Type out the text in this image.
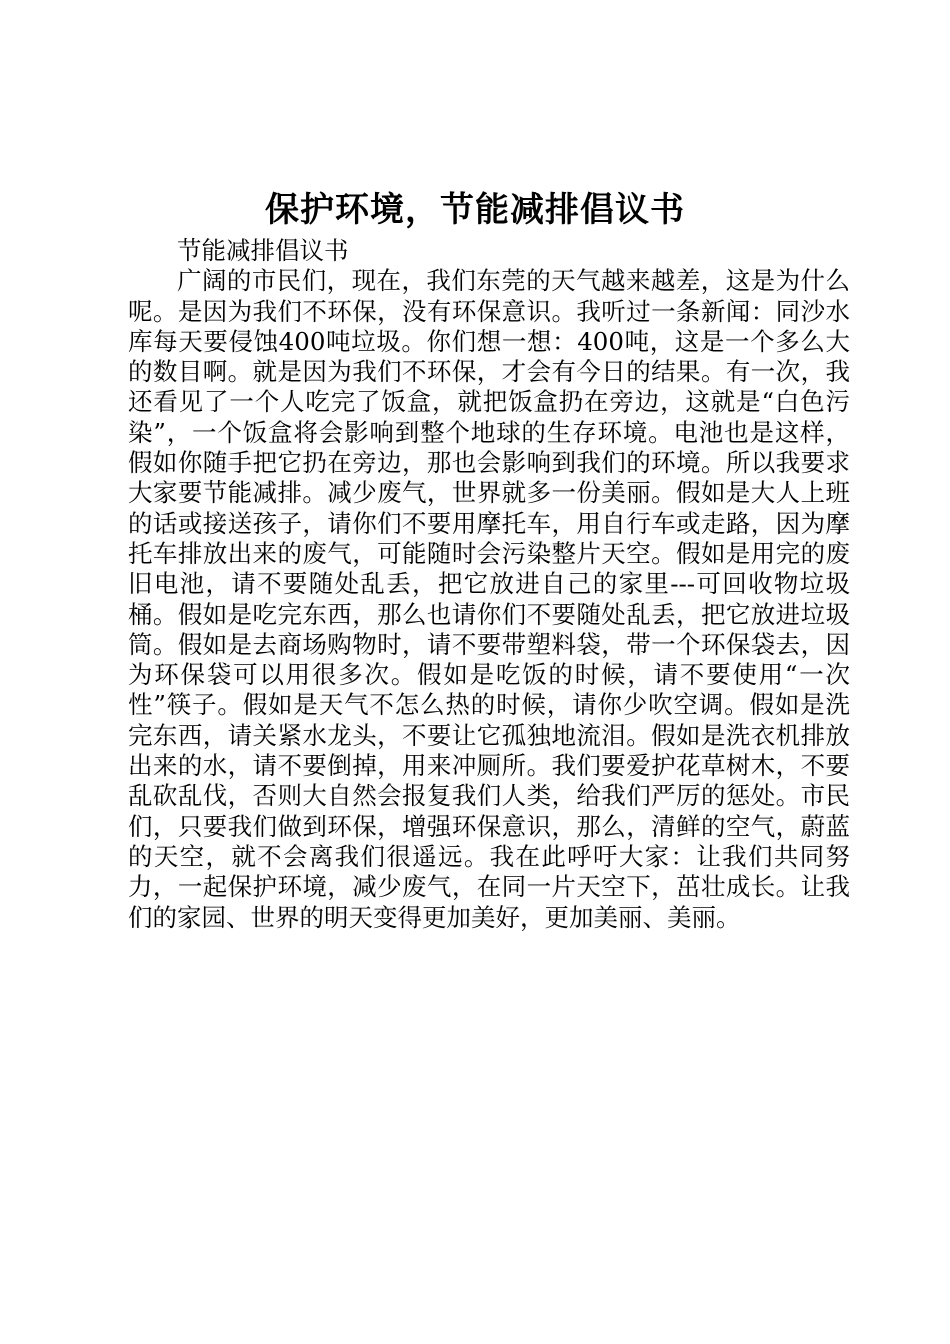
保护环境，节能减排倡议书

节能减排倡议书

广阔的市民们，现在，我们东莞的天气越来越差，这是为什么呢。是因为我们不环保，没有环保意识。我听过一条新闻：同沙水库每天要侵蚀400吨垃圾。你们想一想：400吨，这是一个多么大的数目啊。就是因为我们不环保，才会有今日的结果。有一次，我还看见了一个人吃完了饭盒，就把饭盒扔在旁边，这就是“白色污染”，一个饭盒将会影响到整个地球的生存环境。电池也是这样，假如你随手把它扔在旁边，那也会影响到我们的环境。所以我要求大家要节能减排。减少废气，世界就多一份美丽。假如是大人上班的话或接送孩子，请你们不要用摩托车，用自行车或走路，因为摩托车排放出来的废气，可能随时会污染整片天空。假如是用完的废旧电池，请不要随处乱丢，把它放进自己的家里---可回收物垃圾桶。假如是吃完东西，那么也请你们不要随处乱丢，把它放进垃圾筒。假如是去商场购物时，请不要带塑料袋，带一个环保袋去，因为环保袋可以用很多次。假如是吃饭的时候，请不要使用“一次性”筷子。假如是天气不怎么热的时候，请你少吹空调。假如是洗完东西，请关紧水龙头，不要让它孤独地流泪。假如是洗衣机排放出来的水，请不要倒掉，用来冲厕所。我们要爱护花草树木，不要乱砍乱伐，否则大自然会报复我们人类，给我们严厉的惩处。市民们，只要我们做到环保，增强环保意识，那么，清鲜的空气，蔚蓝的天空，就不会离我们很遥远。我在此呼吁大家：让我们共同努力，一起保护环境，减少废气，在同一片天空下，茁壮成长。让我们的家园、世界的明天变得更加美好，更加美丽、美丽。
